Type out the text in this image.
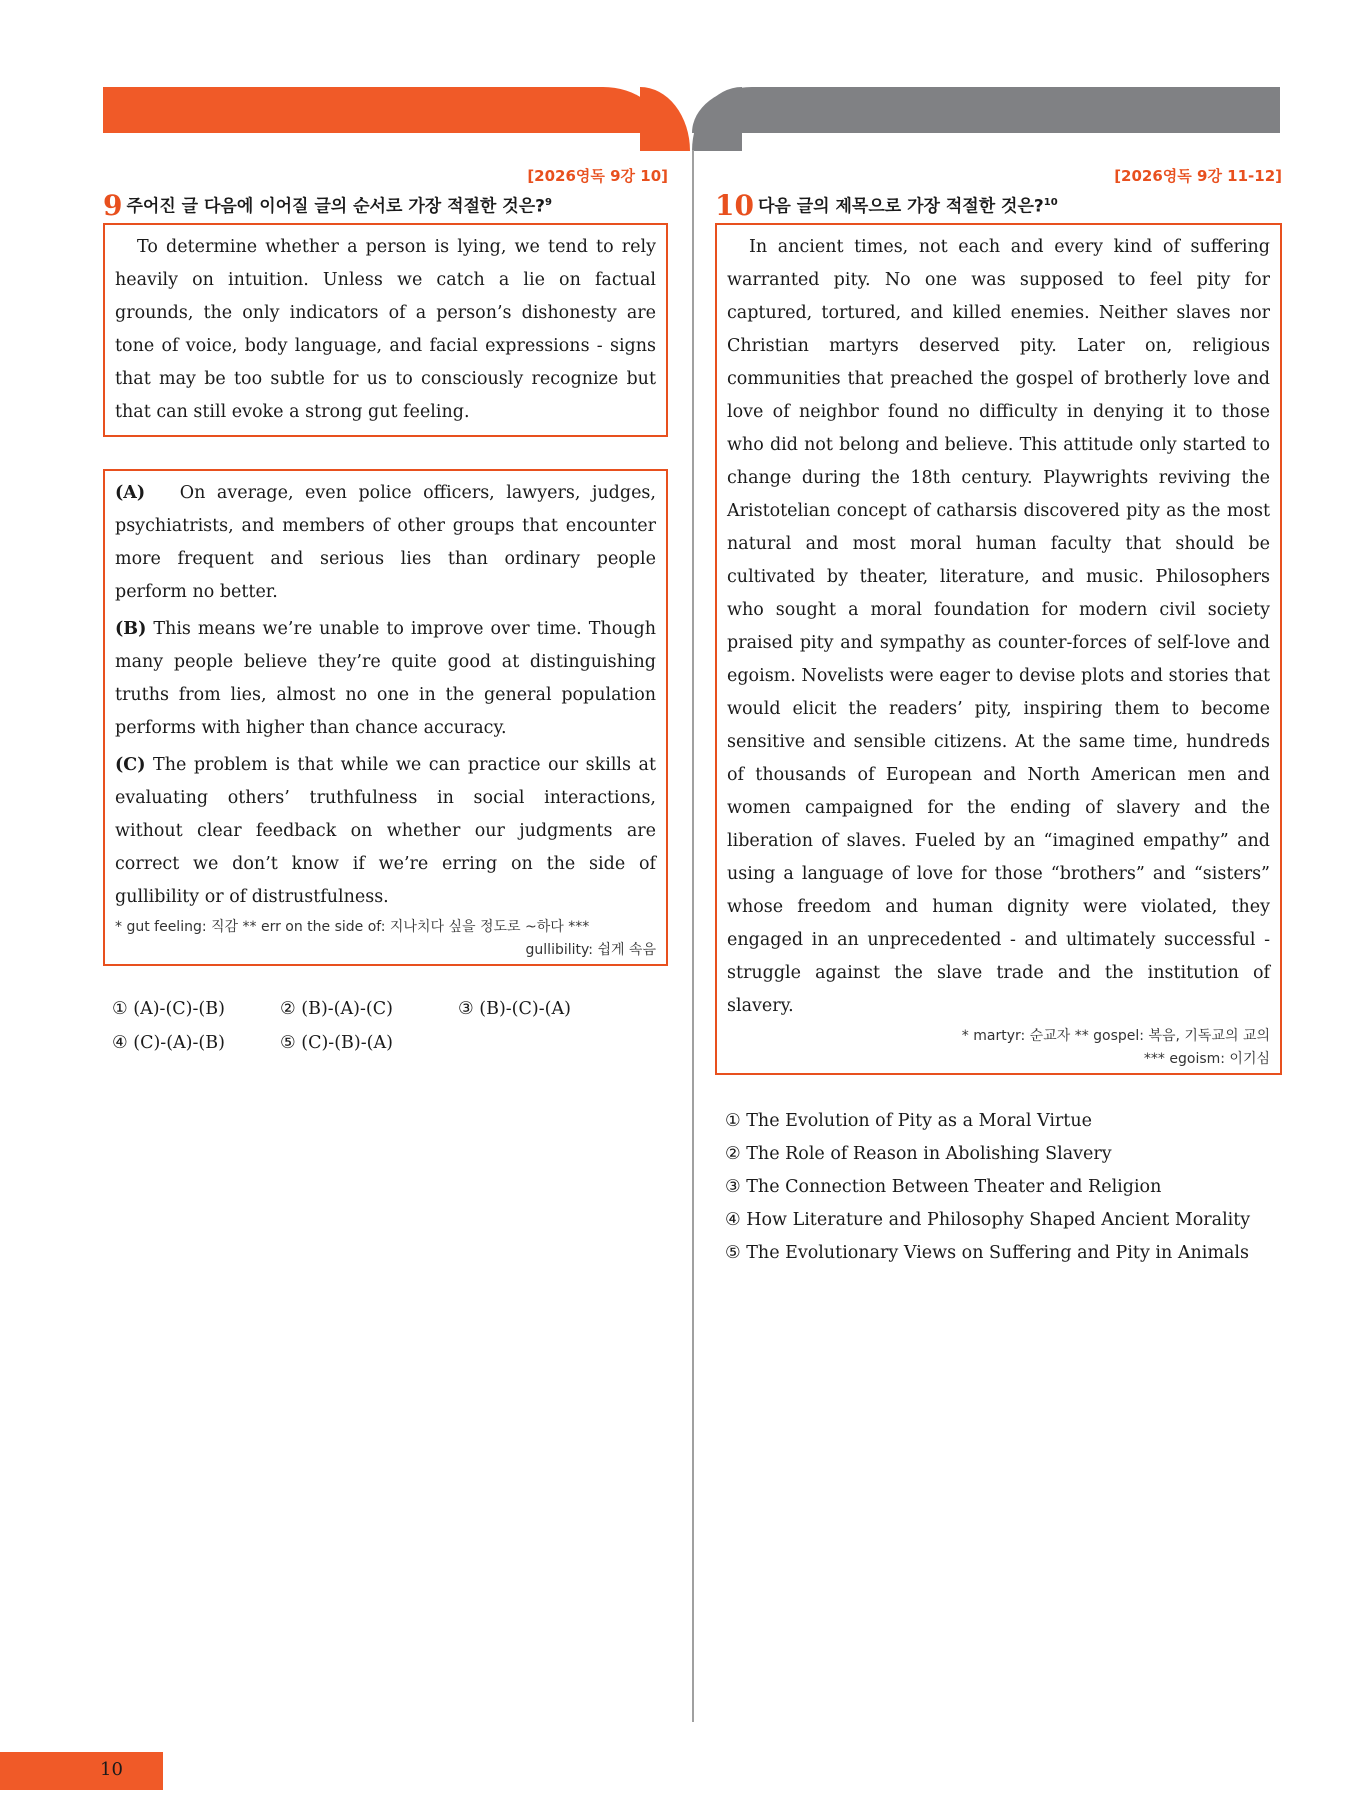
[2026영독 9강 10]
9 주어진 글 다음에 이어질 글의 순서로 가장 적절한 것은?$^9$

To determine whether a person is lying, we tend to rely heavily on intuition. Unless we catch a lie on factual grounds, the only indicators of a person’s dishonesty are tone of voice, body language, and facial expressions - signs that may be too subtle for us to consciously recognize but that can still evoke a strong gut feeling.

(A) On average, even police officers, lawyers, judges, psychiatrists, and members of other groups that encounter more frequent and serious lies than ordinary people perform no better.

(B) This means we’re unable to improve over time. Though many people believe they’re quite good at distinguishing truths from lies, almost no one in the general population performs with higher than chance accuracy.

(C) The problem is that while we can practice our skills at evaluating others’ truthfulness in social interactions, without clear feedback on whether our judgments are correct we don’t know if we’re erring on the side of gullibility or of distrustfulness.

* gut feeling: 직감 ** err on the side of: 지나치다 싶을 정도로 ~하다 ***
gullibility: 쉽게 속음
① (A)-(C)-(B)	② (B)-(A)-(C)	③ (B)-(C)-(A)
④ (C)-(A)-(B)	⑤ (C)-(B)-(A)
[2026영독 9강 11-12]
10 다음 글의 제목으로 가장 적절한 것은?$^{10}$

In ancient times, not each and every kind of suffering warranted pity. No one was supposed to feel pity for captured, tortured, and killed enemies. Neither slaves nor Christian martyrs deserved pity. Later on, religious communities that preached the gospel of brotherly love and love of neighbor found no difficulty in denying it to those who did not belong and believe. This attitude only started to change during the 18th century. Playwrights reviving the Aristotelian concept of catharsis discovered pity as the most natural and most moral human faculty that should be cultivated by theater, literature, and music. Philosophers who sought a moral foundation for modern civil society praised pity and sympathy as counter-forces of self-love and egoism. Novelists were eager to devise plots and stories that would elicit the readers’ pity, inspiring them to become sensitive and sensible citizens. At the same time, hundreds of thousands of European and North American men and women campaigned for the ending of slavery and the liberation of slaves. Fueled by an “imagined empathy” and using a language of love for those “brothers” and “sisters” whose freedom and human dignity were violated, they engaged in an unprecedented - and ultimately successful - struggle against the slave trade and the institution of slavery.

* martyr: 순교자 ** gospel: 복음, 기독교의 교의
*** egoism: 이기심
① The Evolution of Pity as a Moral Virtue
② The Role of Reason in Abolishing Slavery
③ The Connection Between Theater and Religion
④ How Literature and Philosophy Shaped Ancient Morality
⑤ The Evolutionary Views on Suffering and Pity in Animals
10
